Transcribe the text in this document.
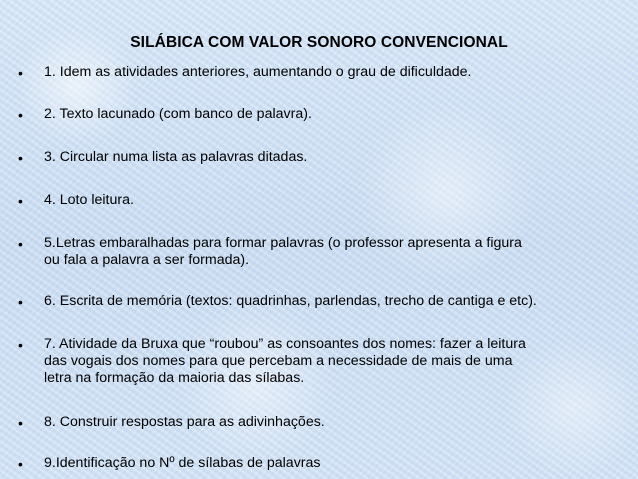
SILÁBICA COM VALOR SONORO CONVENCIONAL
• 1. Idem as atividades anteriores, aumentando o grau de dificuldade.
• 2. Texto lacunado (com banco de palavra).
• 3. Circular numa lista as palavras ditadas.
• 4. Loto leitura.
• 5.Letras embaralhadas para formar palavras (o professor apresenta a figura
ou fala a palavra a ser formada).
• 6. Escrita de memória (textos: quadrinhas, parlendas, trecho de cantiga e etc).
• 7. Atividade da Bruxa que “roubou” as consoantes dos nomes: fazer a leitura
das vogais dos nomes para que percebam a necessidade de mais de uma
letra na formação da maioria das sílabas.
• 8. Construir respostas para as adivinhações.
• 9.Identificação no Nº de sílabas de palavras
